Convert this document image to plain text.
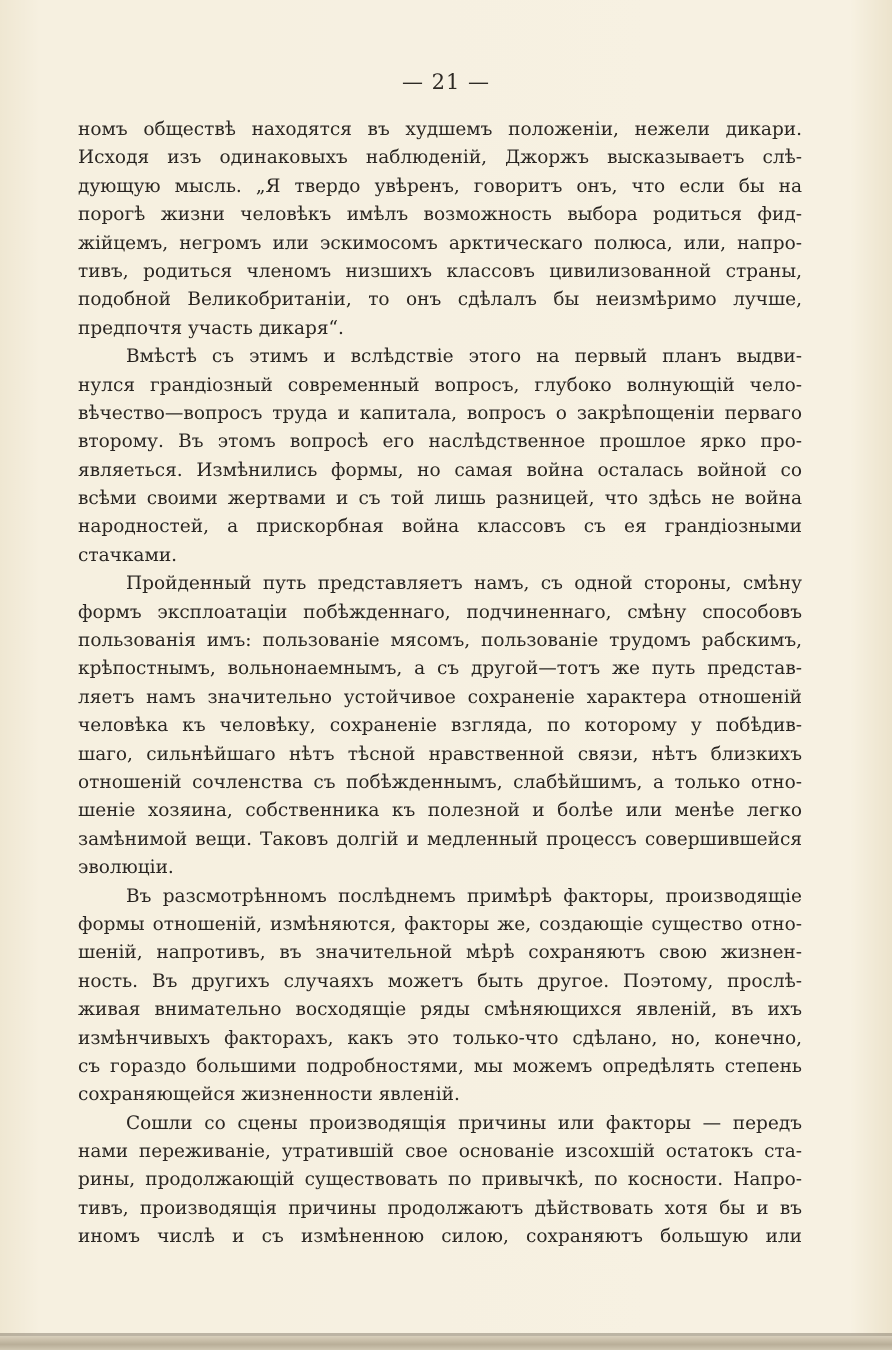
— 21 —
номъ обществѣ находятся въ худшемъ положеніи, нежели дикари.
Исходя изъ одинаковыхъ наблюденій, Джоржъ высказываетъ слѣ-
дующую мысль. „Я твердо увѣренъ, говоритъ онъ, что если бы на
порогѣ жизни человѣкъ имѣлъ возможность выбора родиться фид-
жійцемъ, негромъ или эскимосомъ арктическаго полюса, или, напро-
тивъ, родиться членомъ низшихъ классовъ цивилизованной страны,
подобной Великобританіи, то онъ сдѣлалъ бы неизмѣримо лучше,
предпочтя участь дикаря“.
Вмѣстѣ съ этимъ и вслѣдствіе этого на первый планъ выдви-
нулся грандіозный современный вопросъ, глубоко волнующій чело-
вѣчество—вопросъ труда и капитала, вопросъ о закрѣпощеніи перваго
второму. Въ этомъ вопросѣ его наслѣдственное прошлое ярко про-
являеться. Измѣнились формы, но самая война осталась войной со
всѣми своими жертвами и съ той лишь разницей, что здѣсь не война
народностей, а прискорбная война классовъ съ ея грандіозными
стачками.
Пройденный путь представляетъ намъ, съ одной стороны, смѣну
формъ эксплоатаціи побѣжденнаго, подчиненнаго, смѣну способовъ
пользованія имъ: пользованіе мясомъ, пользованіе трудомъ рабскимъ,
крѣпостнымъ, вольнонаемнымъ, а съ другой—тотъ же путь представ-
ляетъ намъ значительно устойчивое сохраненіе характера отношеній
человѣка къ человѣку, сохраненіе взгляда, по которому у побѣдив-
шаго, сильнѣйшаго нѣтъ тѣсной нравственной связи, нѣтъ близкихъ
отношеній сочленства съ побѣжденнымъ, слабѣйшимъ, а только отно-
шеніе хозяина, собственника къ полезной и болѣе или менѣе легко
замѣнимой вещи. Таковъ долгій и медленный процессъ совершившейся
эволюціи.
Въ разсмотрѣнномъ послѣднемъ примѣрѣ факторы, производящіе
формы отношеній, измѣняются, факторы же, создающіе существо отно-
шеній, напротивъ, въ значительной мѣрѣ сохраняютъ свою жизнен-
ность. Въ другихъ случаяхъ можетъ быть другое. Поэтому, прослѣ-
живая внимательно восходящіе ряды смѣняющихся явленій, въ ихъ
измѣнчивыхъ факторахъ, какъ это только-что сдѣлано, но, конечно,
съ гораздо большими подробностями, мы можемъ опредѣлять степень
сохраняющейся жизненности явленій.
Сошли со сцены производящія причины или факторы — передъ
нами переживаніе, утратившій свое основаніе изсохшій остатокъ ста-
рины, продолжающій существовать по привычкѣ, по косности. Напро-
тивъ, производящія причины продолжаютъ дѣйствовать хотя бы и въ
иномъ числѣ и съ измѣненною силою, сохраняютъ большую или
